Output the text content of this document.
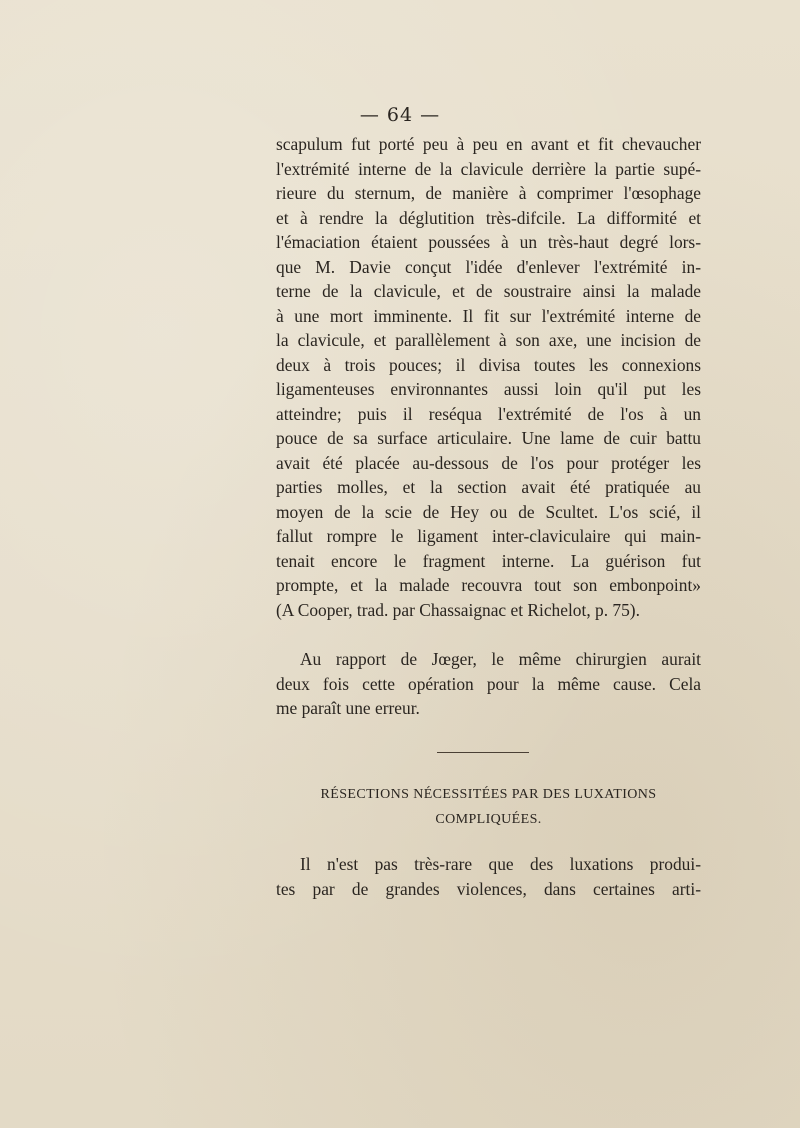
— 64 —
scapulum fut porté peu à peu en avant et fit chevaucher
l'extrémité interne de la clavicule derrière la partie supé-
rieure du sternum, de manière à comprimer l'œsophage
et à rendre la déglutition très-difcile. La difformité et
l'émaciation étaient poussées à un très-haut degré lors-
que M. Davie conçut l'idée d'enlever l'extrémité in-
terne de la clavicule, et de soustraire ainsi la malade
à une mort imminente. Il fit sur l'extrémité interne de
la clavicule, et parallèlement à son axe, une incision de
deux à trois pouces; il divisa toutes les connexions
ligamenteuses environnantes aussi loin qu'il put les
atteindre; puis il reséqua l'extrémité de l'os à un
pouce de sa surface articulaire. Une lame de cuir battu
avait été placée au-dessous de l'os pour protéger les
parties molles, et la section avait été pratiquée au
moyen de la scie de Hey ou de Scultet. L'os scié, il
fallut rompre le ligament inter-claviculaire qui main-
tenait encore le fragment interne. La guérison fut
prompte, et la malade recouvra tout son embonpoint»
(A Cooper, trad. par Chassaignac et Richelot, p. 75).
Au rapport de Jœger, le même chirurgien aurait
deux fois cette opération pour la même cause. Cela
me paraît une erreur.
RÉSECTIONS NÉCESSITÉES PAR DES LUXATIONS
COMPLIQUÉES.
Il n'est pas très-rare que des luxations produi-
tes par de grandes violences, dans certaines arti-
